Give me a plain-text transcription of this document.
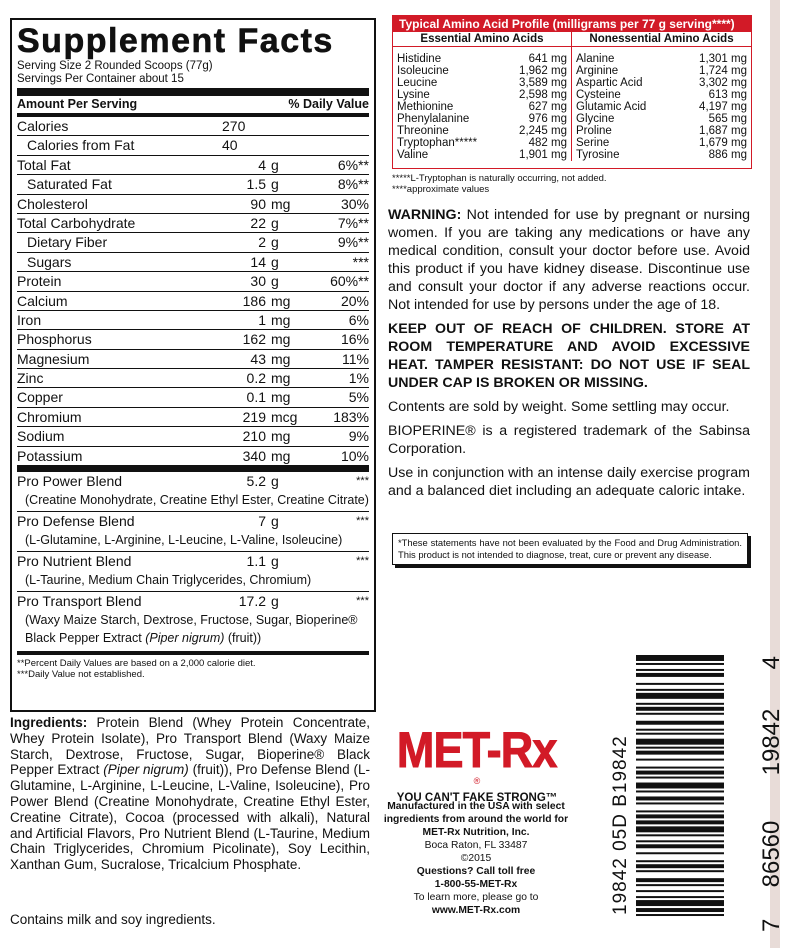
Supplement Facts
Serving Size 2 Rounded Scoops (77g)
Servings Per Container about 15
Amount Per Serving	% Daily Value
Calories	270
Calories from Fat	40
Total Fat	4 g	6%**
Saturated Fat	1.5 g	8%**
Cholesterol	90 mg	30%
Total Carbohydrate	22 g	7%**
Dietary Fiber	2 g	9%**
Sugars	14 g	***
Protein	30 g	60%**
Calcium	186 mg	20%
Iron	1 mg	6%
Phosphorus	162 mg	16%
Magnesium	43 mg	11%
Zinc	0.2 mg	1%
Copper	0.1 mg	5%
Chromium	219 mcg	183%
Sodium	210 mg	9%
Potassium	340 mg	10%
Pro Power Blend	5.2 g	***
(Creatine Monohydrate, Creatine Ethyl Ester, Creatine Citrate)
Pro Defense Blend	7 g	***
(L-Glutamine, L-Arginine, L-Leucine, L-Valine, Isoleucine)
Pro Nutrient Blend	1.1 g	***
(L-Taurine, Medium Chain Triglycerides, Chromium)
Pro Transport Blend	17.2 g	***
(Waxy Maize Starch, Dextrose, Fructose, Sugar, Bioperine® Black Pepper Extract (Piper nigrum) (fruit))
**Percent Daily Values are based on a 2,000 calorie diet.
***Daily Value not established.
Ingredients: Protein Blend (Whey Protein Concentrate, Whey Protein Isolate), Pro Transport Blend (Waxy Maize Starch, Dextrose, Fructose, Sugar, Bioperine® Black Pepper Extract (Piper nigrum) (fruit)), Pro Defense Blend (L-Glutamine, L-Arginine, L-Leucine, L-Valine, Isoleucine), Pro Power Blend (Creatine Monohydrate, Creatine Ethyl Ester, Creatine Citrate), Cocoa (processed with alkali), Natural and Artificial Flavors, Pro Nutrient Blend (L-Taurine, Medium Chain Triglycerides, Chromium Picolinate), Soy Lecithin, Xanthan Gum, Sucralose, Tricalcium Phosphate.
Contains milk and soy ingredients.
Typical Amino Acid Profile (milligrams per 77 g serving****)
Essential Amino Acids	Nonessential Amino Acids
Histidine	641 mg
Isoleucine	1,962 mg
Leucine	3,589 mg
Lysine	2,598 mg
Methionine	627 mg
Phenylalanine	976 mg
Threonine	2,245 mg
Tryptophan*****	482 mg
Valine	1,901 mg
Alanine	1,301 mg
Arginine	1,724 mg
Aspartic Acid	3,302 mg
Cysteine	613 mg
Glutamic Acid	4,197 mg
Glycine	565 mg
Proline	1,687 mg
Serine	1,679 mg
Tyrosine	886 mg
*****L-Tryptophan is naturally occurring, not added.
****approximate values

WARNING: Not intended for use by pregnant or nursing women. If you are taking any medications or have any medical condition, consult your doctor before use. Avoid this product if you have kidney disease. Discontinue use and consult your doctor if any adverse reactions occur. Not intended for use by persons under the age of 18.

KEEP OUT OF REACH OF CHILDREN. STORE AT ROOM TEMPERATURE AND AVOID EXCESSIVE HEAT. TAMPER RESISTANT: DO NOT USE IF SEAL UNDER CAP IS BROKEN OR MISSING.

Contents are sold by weight. Some settling may occur.

BIOPERINE® is a registered trademark of the Sabinsa Corporation.

Use in conjunction with an intense daily exercise program and a balanced diet including an adequate caloric intake.

*These statements have not been evaluated by the Food and Drug Administration. This product is not intended to diagnose, treat, cure or prevent any disease.
MET-Rx®
YOU CAN'T FAKE STRONG™
Manufactured in the USA with select ingredients from around the world for
MET-Rx Nutrition, Inc.
Boca Raton, FL 33487
©2015
Questions? Call toll free
1-800-55-MET-Rx
To learn more, please go to
www.MET-Rx.com	19842 05D B19842
7
86560
19842
4
